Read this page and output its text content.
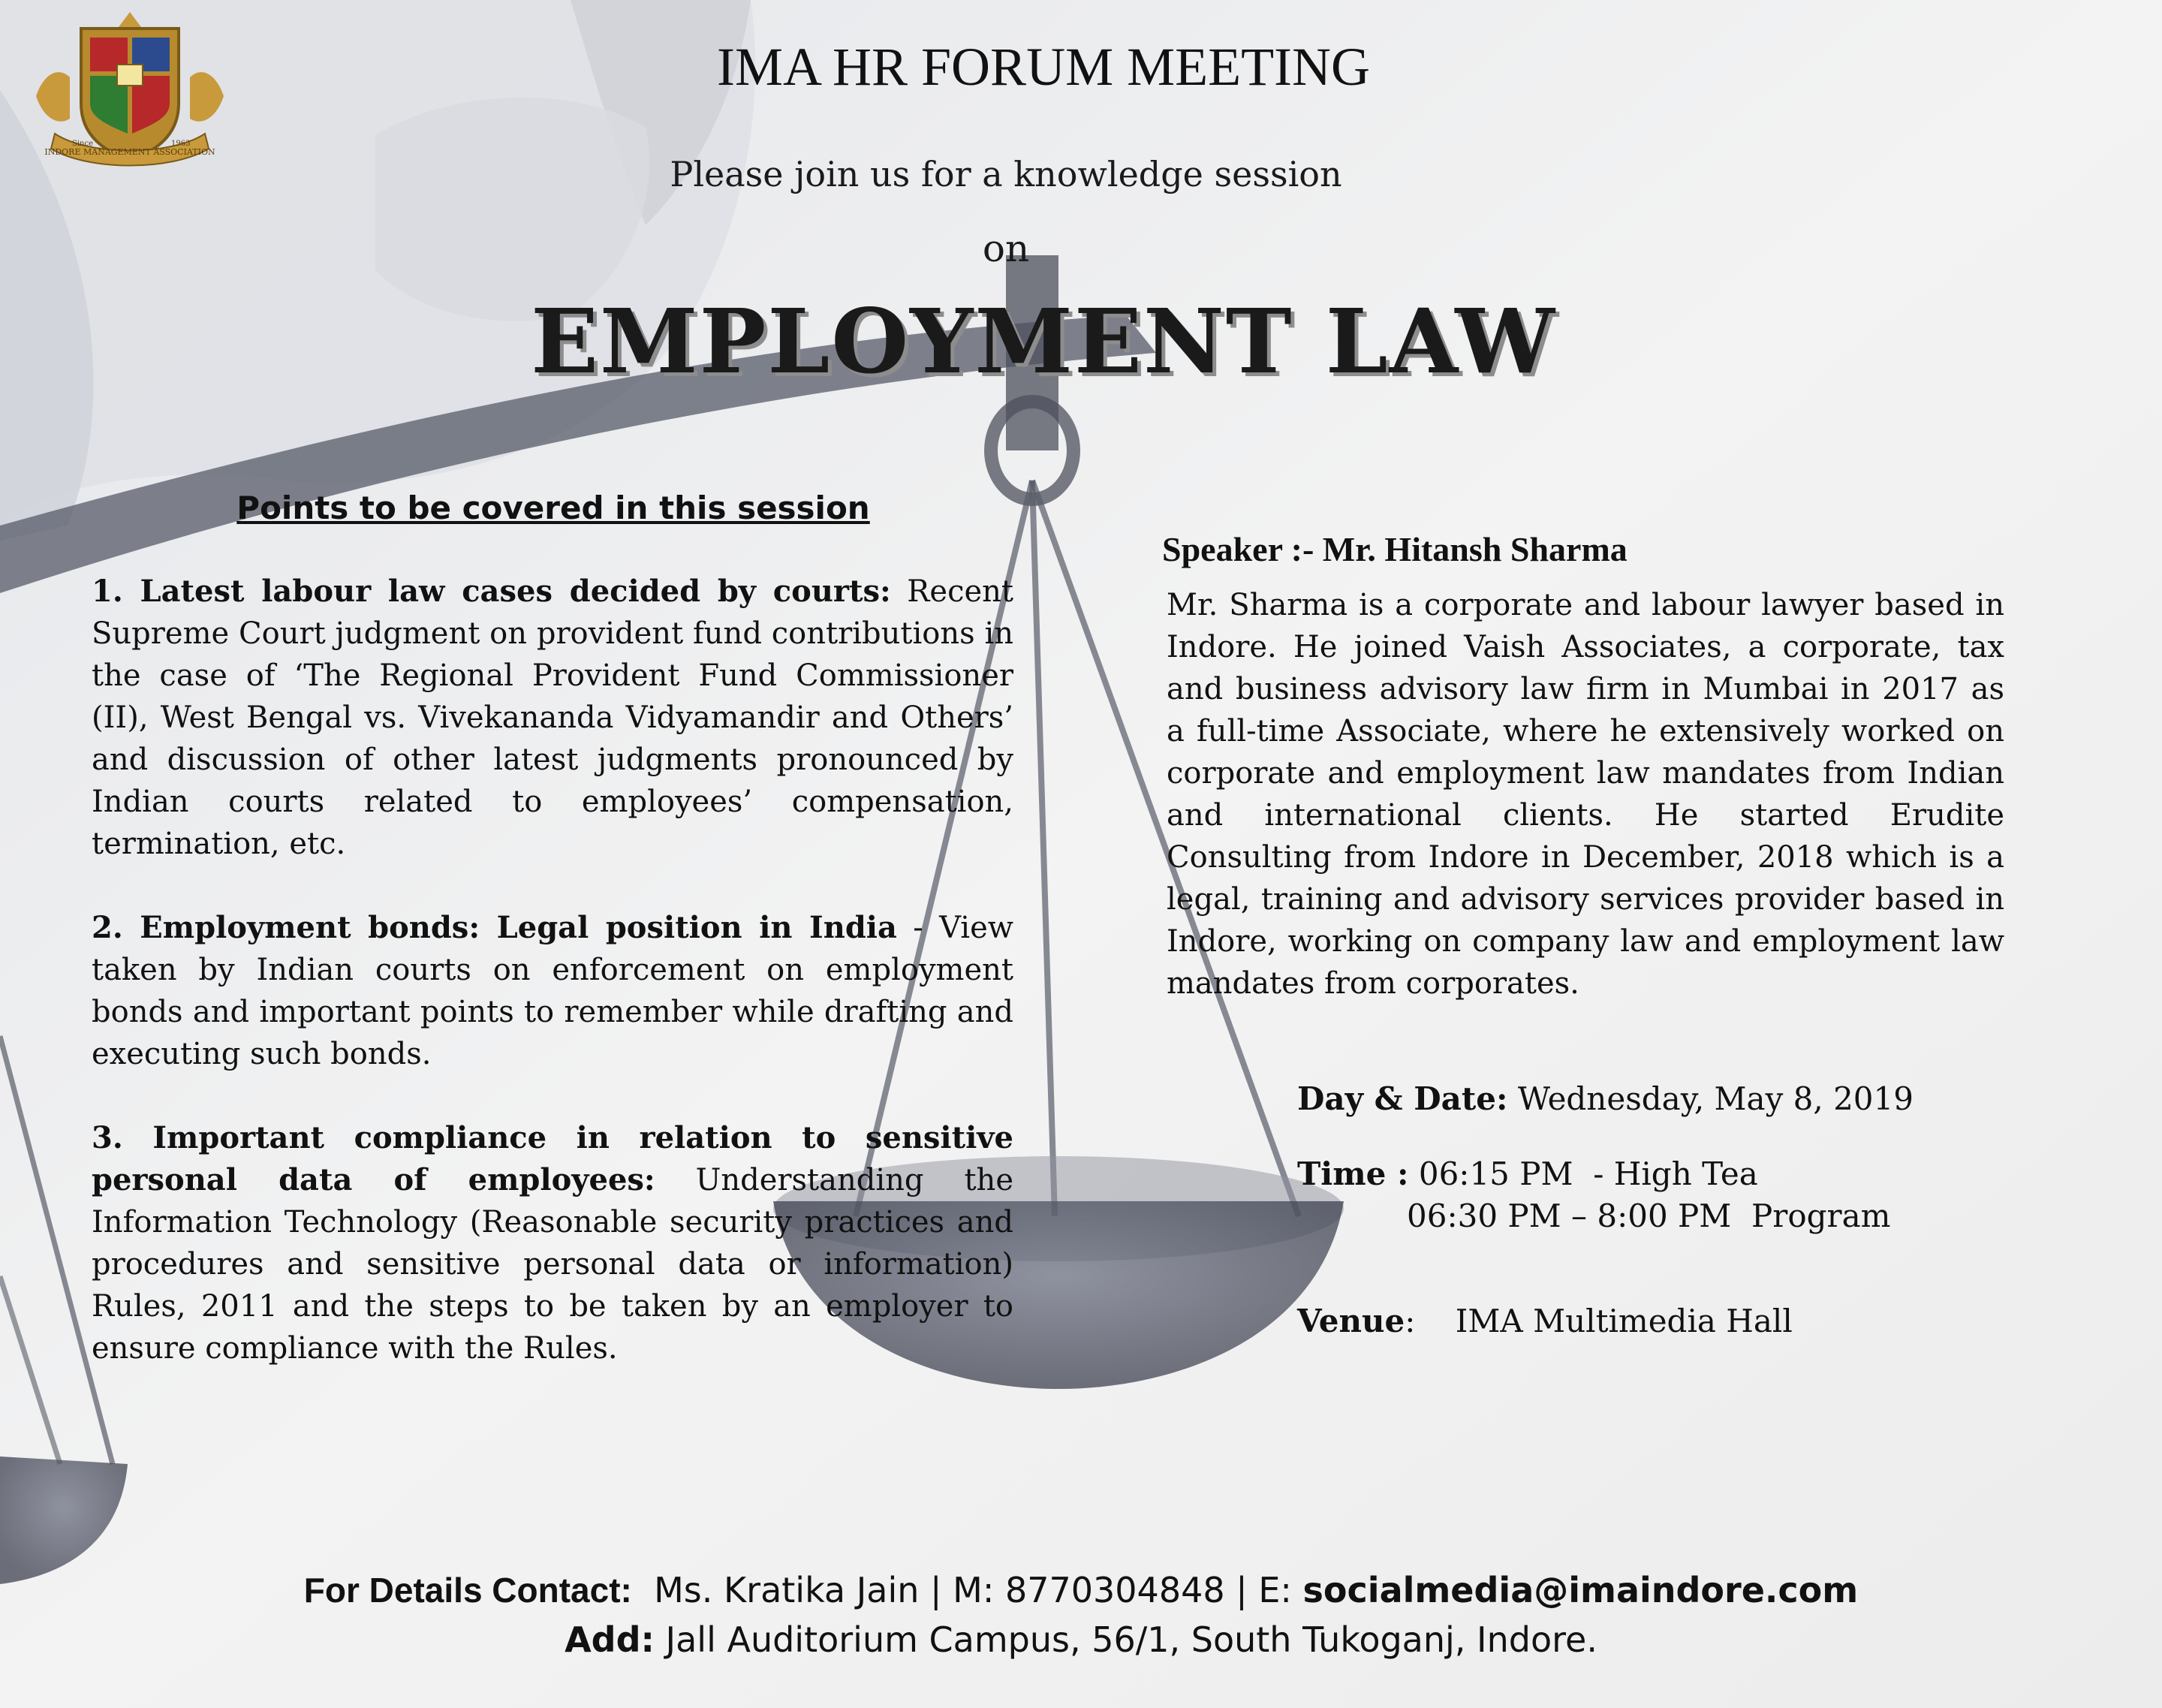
INDORE MANAGEMENT ASSOCIATION
Since	1963
IMA HR FORUM MEETING
Please join us for a knowledge session
on
EMPLOYMENT LAW
Points to be covered in this session
1. Latest labour law cases decided by courts: Recent Supreme Court judgment on provident fund contributions in the case of ‘The Regional Provident Fund Commissioner (II), West Bengal vs. Vivekananda Vidyamandir and Others’ and discussion of other latest judgments pronounced by Indian courts related to employees’ compensation, termination, etc.
2. Employment bonds: Legal position in India - View taken by Indian courts on enforcement on employment bonds and important points to remember while drafting and executing such bonds.
3. Important compliance in relation to sensitive personal data of employees: Understanding the Information Technology (Reasonable security practices and procedures and sensitive personal data or information) Rules, 2011 and the steps to be taken by an employer to ensure compliance with the Rules.
Speaker :- Mr. Hitansh Sharma
Mr. Sharma is a corporate and labour lawyer based in Indore. He joined Vaish Associates, a corporate, tax and business advisory law firm in Mumbai in 2017 as a full-time Associate, where he extensively worked on corporate and employment law mandates from Indian and international clients. He started Erudite Consulting from Indore in December, 2018 which is a legal, training and advisory services provider based in Indore, working on company law and employment law mandates from corporates.
Day & Date: Wednesday, May 8, 2019
Time : 06:15 PM  - High Tea
06:30 PM – 8:00 PM  Program
Venue:    IMA Multimedia Hall
For Details Contact:  Ms. Kratika Jain | M: 8770304848 | E: socialmedia@imaindore.com
Add: Jall Auditorium Campus, 56/1, South Tukoganj, Indore.
